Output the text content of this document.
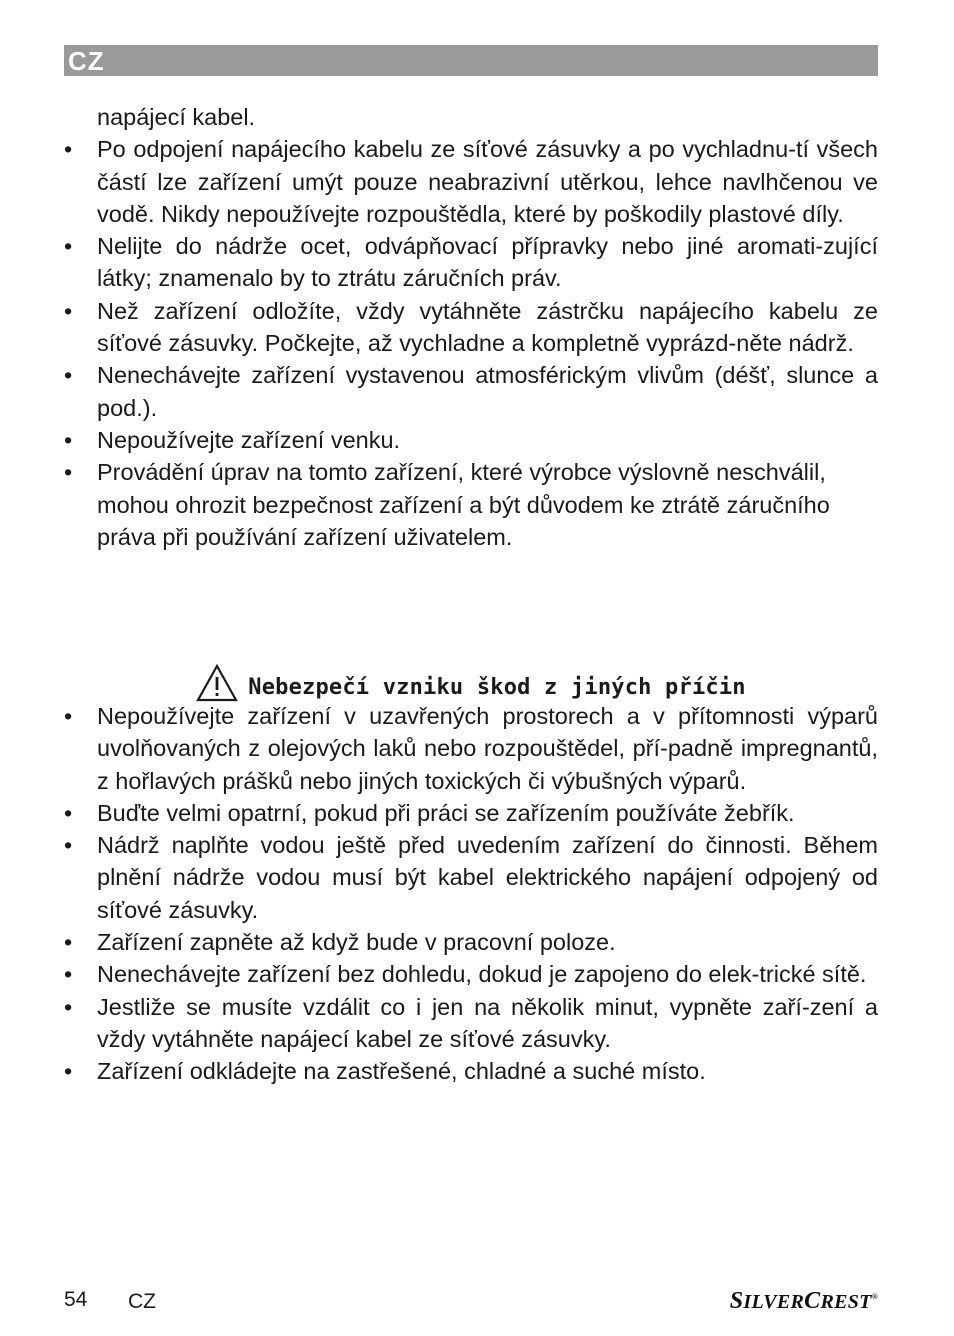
CZ

napájecí kabel.

• Po odpojení napájecího kabelu ze síťové zásuvky a po vychladnu-tí všech částí lze zařízení umýt pouze neabrazivní utěrkou, lehce navlhčenou ve vodě. Nikdy nepoužívejte rozpouštědla, které by poškodily plastové díly.
• Nelijte do nádrže ocet, odvápňovací přípravky nebo jiné aromati-zující látky; znamenalo by to ztrátu záručních práv.
• Než zařízení odložíte, vždy vytáhněte zástrčku napájecího kabelu ze síťové zásuvky. Počkejte, až vychladne a kompletně vyprázd-něte nádrž.
• Nenechávejte zařízení vystavenou atmosférickým vlivům (déšť, slunce a pod.).
• Nepoužívejte zařízení venku.
• Provádění úprav na tomto zařízení, které výrobce výslovně neschválil, mohou ohrozit bezpečnost zařízení a být důvodem ke ztrátě záručního práva při používání zařízení uživatelem.
Nebezpečí vzniku škod z jiných příčin
• Nepoužívejte zařízení v uzavřených prostorech a v přítomnosti výparů uvolňovaných z olejových laků nebo rozpouštědel, pří-padně impregnantů, z hořlavých prášků nebo jiných toxických či výbušných výparů.
• Buďte velmi opatrní, pokud při práci se zařízením používáte žebřík.
• Nádrž naplňte vodou ještě před uvedením zařízení do činnosti. Během plnění nádrže vodou musí být kabel elektrického napájení odpojený od síťové zásuvky.
• Zařízení zapněte až když bude v pracovní poloze.
• Nenechávejte zařízení bez dohledu, dokud je zapojeno do elek-trické sítě.
• Jestliže se musíte vzdálit co i jen na několik minut, vypněte zaří-zení a vždy vytáhněte napájecí kabel ze síťové zásuvky.
• Zařízení odkládejte na zastřešené, chladné a suché místo.
54 CZ	SILVERCREST®
